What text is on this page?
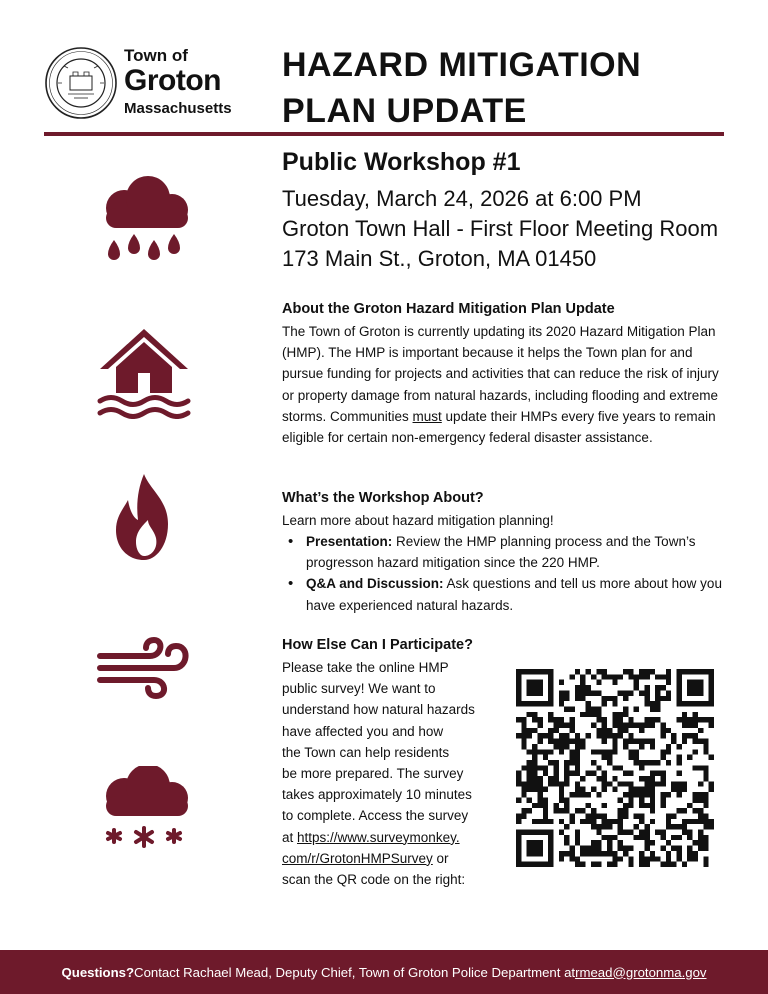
Town of
Groton
Massachusetts
HAZARD MITIGATION
PLAN UPDATE
Public Workshop #1
Tuesday, March 24, 2026 at 6:00 PM
Groton Town Hall - First Floor Meeting Room
173 Main St., Groton, MA 01450
About the Groton Hazard Mitigation Plan Update
The Town of Groton is currently updating its 2020 Hazard Mitigation Plan (HMP). The HMP is important because it helps the Town plan for and pursue funding for projects and activities that can reduce the risk of injury or property damage from natural hazards, including flooding and extreme storms. Communities must update their HMPs every five years to remain eligible for certain non-emergency federal disaster assistance.
What’s the Workshop About?
Learn more about hazard mitigation planning!
• Presentation: Review the HMP planning process and the Town’s progresson hazard mitigation since the 220 HMP.
• Q&A and Discussion: Ask questions and tell us more about how you have experienced natural hazards.
How Else Can I Participate?
Please take the online HMP
public survey! We want to
understand how natural hazards
have affected you and how
the Town can help residents
be more prepared. The survey
takes approximately 10 minutes
to complete. Access the survey
at https://www.surveymonkey.
com/r/GrotonHMPSurvey or
scan the QR code on the right:
Questions? Contact Rachael Mead, Deputy Chief, Town of Groton Police Department at rmead@grotonma.gov
